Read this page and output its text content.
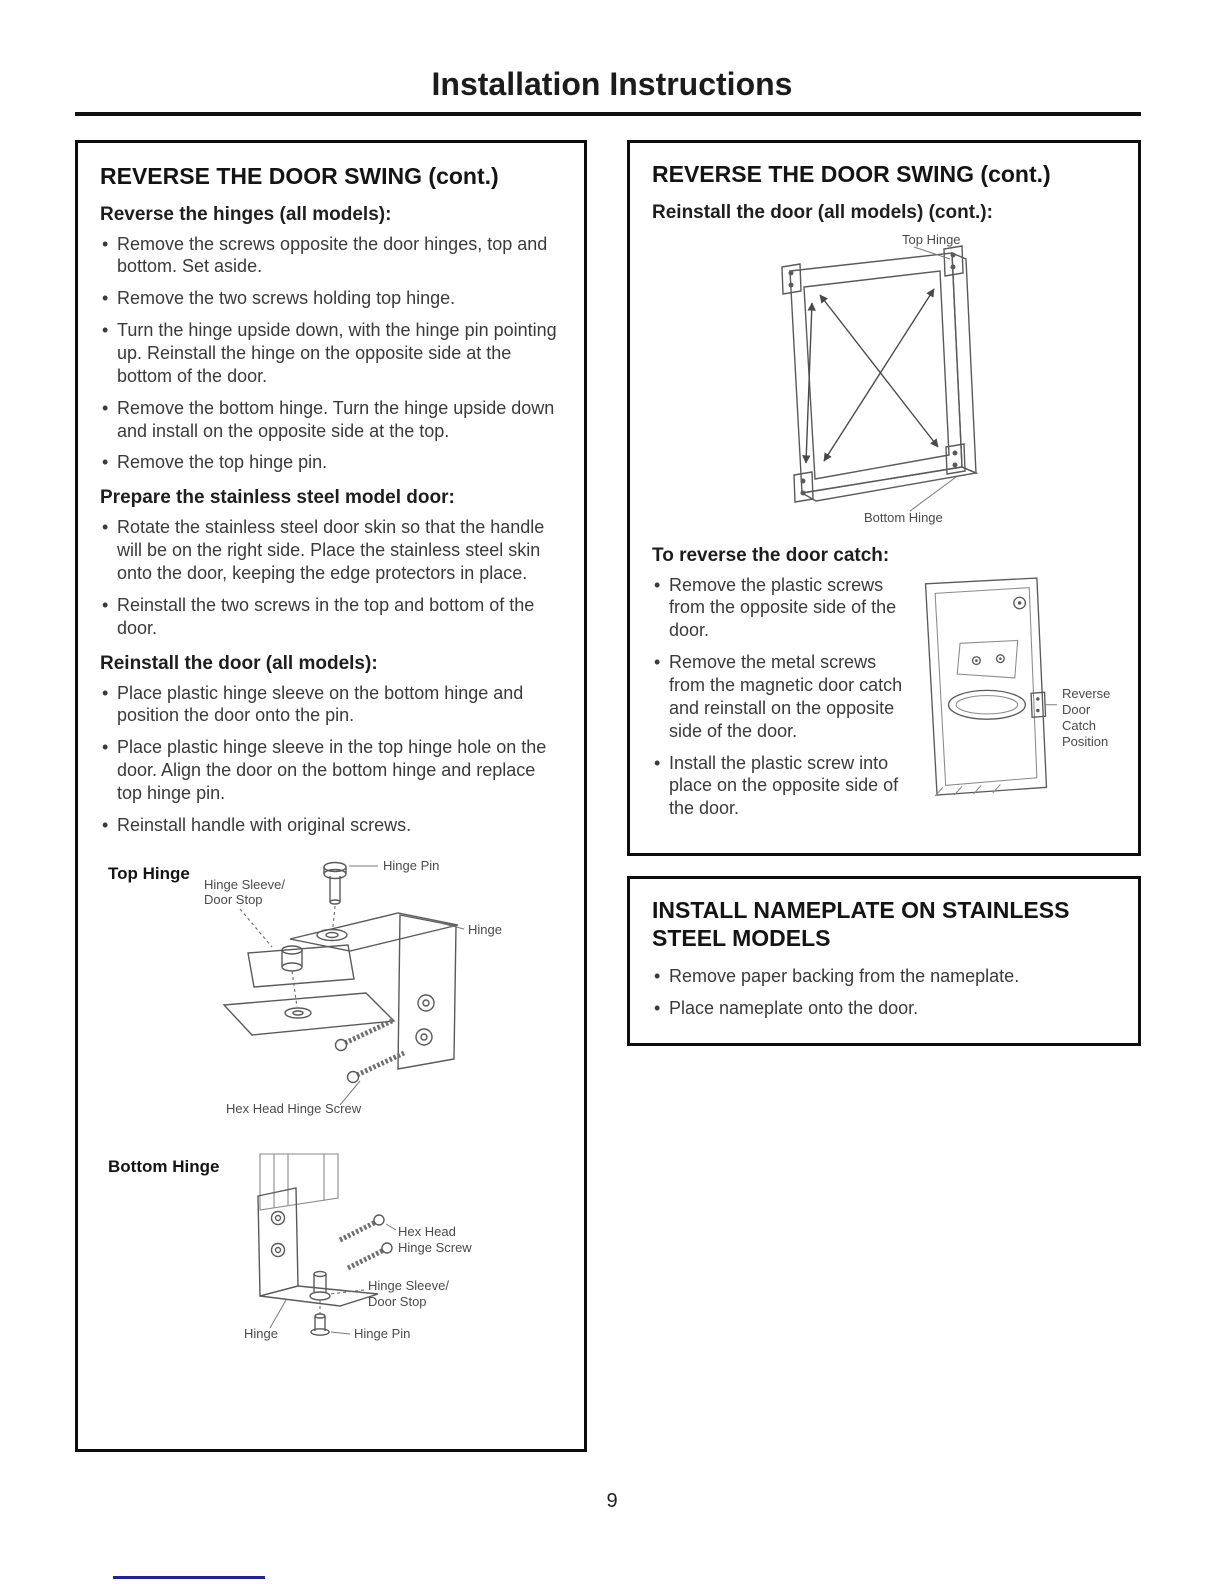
Installation Instructions
REVERSE THE DOOR SWING (cont.)
Reverse the hinges (all models):
• Remove the screws opposite the door hinges, top and bottom. Set aside.
• Remove the two screws holding top hinge.
• Turn the hinge upside down, with the hinge pin pointing up. Reinstall the hinge on the opposite side at the bottom of the door.
• Remove the bottom hinge. Turn the hinge upside down and install on the opposite side at the top.
• Remove the top hinge pin.
Prepare the stainless steel model door:
• Rotate the stainless steel door skin so that the handle will be on the right side. Place the stainless steel skin onto the door, keeping the edge protectors in place.
• Reinstall the two screws in the top and bottom of the door.
Reinstall the door (all models):
• Place plastic hinge sleeve on the bottom hinge and position the door onto the pin.
• Place plastic hinge sleeve in the top hinge hole on the door. Align the door on the bottom hinge and replace top hinge pin.
• Reinstall handle with original screws.
Top Hinge	Hinge Pin
Hinge Sleeve/
Door Stop
Hinge
Hex Head Hinge Screw
Bottom Hinge
Hex Head
Hinge Screw
Hinge Sleeve/
Door Stop
Hinge	Hinge Pin
REVERSE THE DOOR SWING (cont.)
Reinstall the door (all models) (cont.):
Top Hinge
Bottom Hinge
To reverse the door catch:
• Remove the plastic screws from the opposite side of the door.
• Remove the metal screws from the magnetic door catch and reinstall on the opposite side of the door.
• Install the plastic screw into place on the opposite side of the door.
Reverse
Door Catch
Position
INSTALL NAMEPLATE ON STAINLESS STEEL MODELS
• Remove paper backing from the nameplate.
• Place nameplate onto the door.
9
